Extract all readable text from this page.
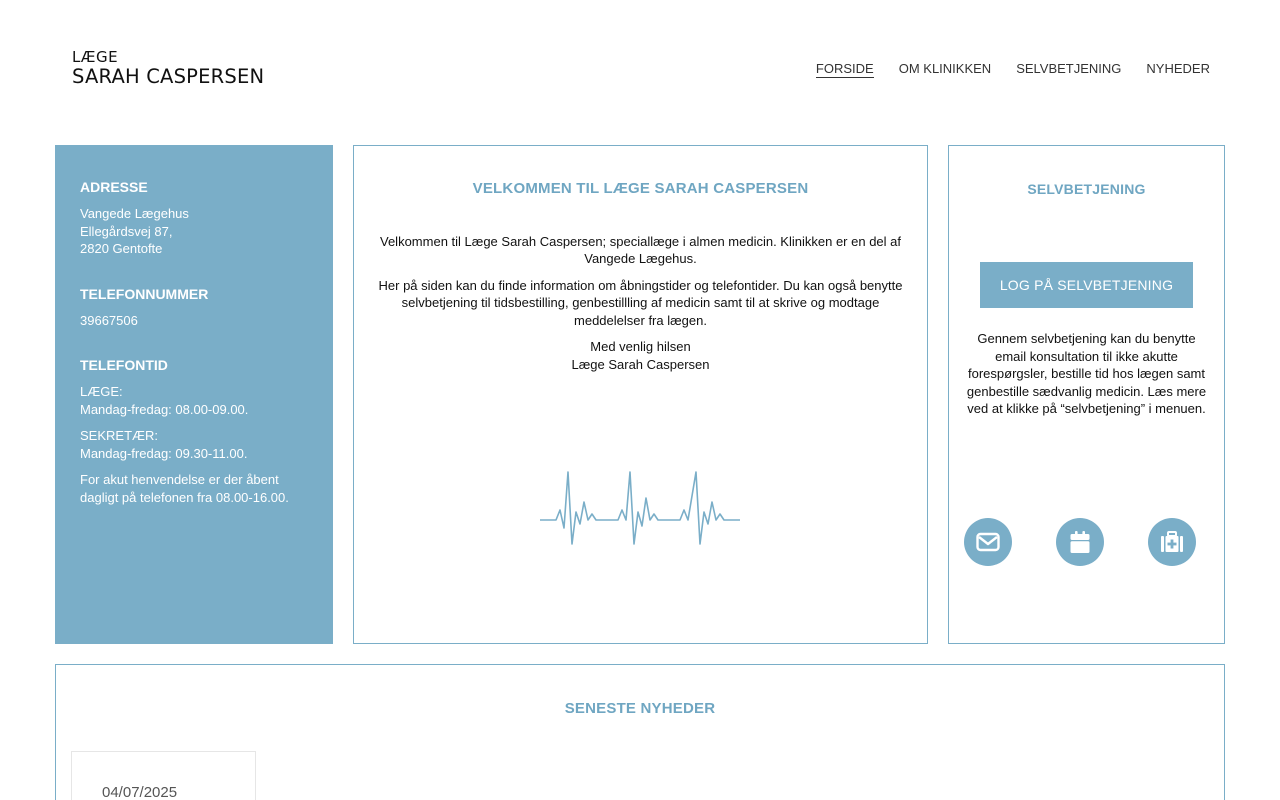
LÆGE
SARAH CASPERSEN	FORSIDE OM KLINIKKEN SELVBETJENING NYHEDER
ADRESSE

Vangede Lægehus
Ellegårdsvej 87,
2820 Gentofte

TELEFONNUMMER

39667506

TELEFONTID

LÆGE:
Mandag-fredag: 08.00-09.00.

SEKRETÆR:
Mandag-fredag: 09.30-11.00.

For akut henvendelse er der åbent
dagligt på telefonen fra 08.00-16.00.

VELKOMMEN TIL LÆGE SARAH CASPERSEN

Velkommen til Læge Sarah Caspersen; speciallæge i almen medicin. Klinikken er en del af Vangede Lægehus.

Her på siden kan du finde information om åbningstider og telefontider. Du kan også benytte selvbetjening til tidsbestilling, genbestillling af medicin samt til at skrive og modtage meddelelser fra lægen.

Med venlig hilsen
Læge Sarah Caspersen

SELVBETJENING
LOG PÅ SELVBETJENING

Gennem selvbetjening kan du benytte email konsultation til ikke akutte forespørgsler, bestille tid hos lægen samt genbestille sædvanlig medicin. Læs mere ved at klikke på “selvbetjening” i menuen.

SENESTE NYHEDER
04/07/2025
